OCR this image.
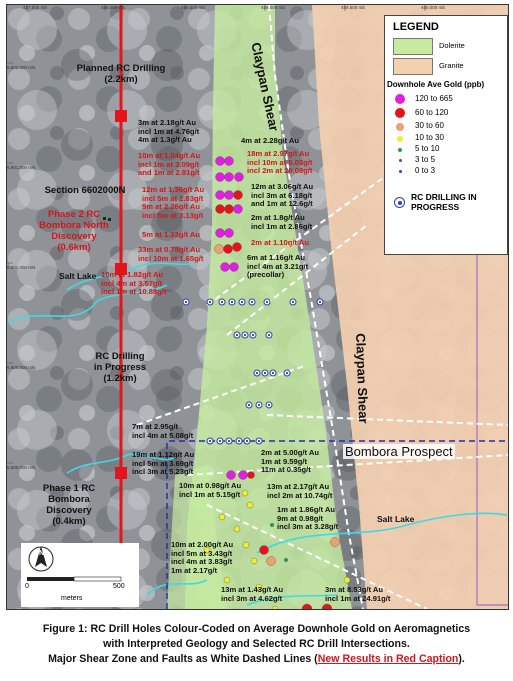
457,500 mE	458,000 mE	458,500 mE	459,000 mE	459,500 mE	460,000 mE
6,602,000 mN
6,601,500 mN
6,601,000 mN
6,600,500 mN
6,600,000 mN
Planned RC Drilling (2.2km)
Section 6602000N
Phase 2 RC
Bombora North
Discovery
(0.6km)
RC Drilling
in Progress
(1.2km)
Phase 1 RC
Bombora
Discovery
(0.4km)
Claypan Shear
Claypan Shear
Bombora Prospect
Salt Lake
Salt Lake
3m at 2.18g/t Au
incl 1m at 4.76g/t
4m at 1.3g/t Au	4m at 2.28g/t Au
10m at 1.04g/t Au
incl 1m at 3.09g/t
and 1m at 2.81g/t
18m at 2.97g/t Au
incl 10m at 5.03g/t
incl 2m at 20.09g/t
12m at 1.36g/t Au
incl 5m at 2.83g/t
9m at 2.26g/t Au
incl 5m at 3.13g/t
12m at 3.06g/t Au
incl 3m at 6.18g/t
and 1m at 12.6g/t
2m at 1.8g/t Au
incl 1m at 2.86g/t
5m at 1.33g/t Au
2m at 1.10g/t Au
33m at 0.78g/t Au
incl 10m at 1.65g/t	6m at 1.16g/t Au
incl 4m at 3.21g/t
(precollar)
10m at 1.82g/t Au
incl 4m at 3.57g/t
incl 1m at 10.88g/t
7m at 2.95g/t
incl 4m at 5.08g/t
2m at 5.00g/t Au
1m at 9.59g/t
11m at 0.35g/t
19m at 1.12g/t Au
incl 5m at 3.69g/t
incl 3m at 5.23g/t
10m at 0.98g/t Au
incl 1m at 5.15g/t
13m at 2.17g/t Au
incl 2m at 10.74g/t
1m at 1.86g/t Au
9m at 0.98g/t
incl 3m at 3.28g/t
10m at 2.00g/t Au
incl 5m at 3.43g/t
incl 4m at 3.83g/t
1m at 2.17g/t
13m at 1.43g/t Au
incl 3m at 4.62g/t
3m at 8.53g/t Au
incl 1m at 24.91g/t
N
0	500
meters
LEGEND
Dolerite
Granite
Downhole Ave Gold (ppb)
120 to 665
60 to 120
30 to 60
10 to 30
5 to 10
3 to 5
0 to 3
RC DRILLING IN
PROGRESS
Figure 1: RC Drill Holes Colour-Coded on Average Downhole Gold on Aeromagnetics
with Interpreted Geology and Selected RC Drill Intersections.
Major Shear Zone and Faults as White Dashed Lines (New Results in Red Caption).
